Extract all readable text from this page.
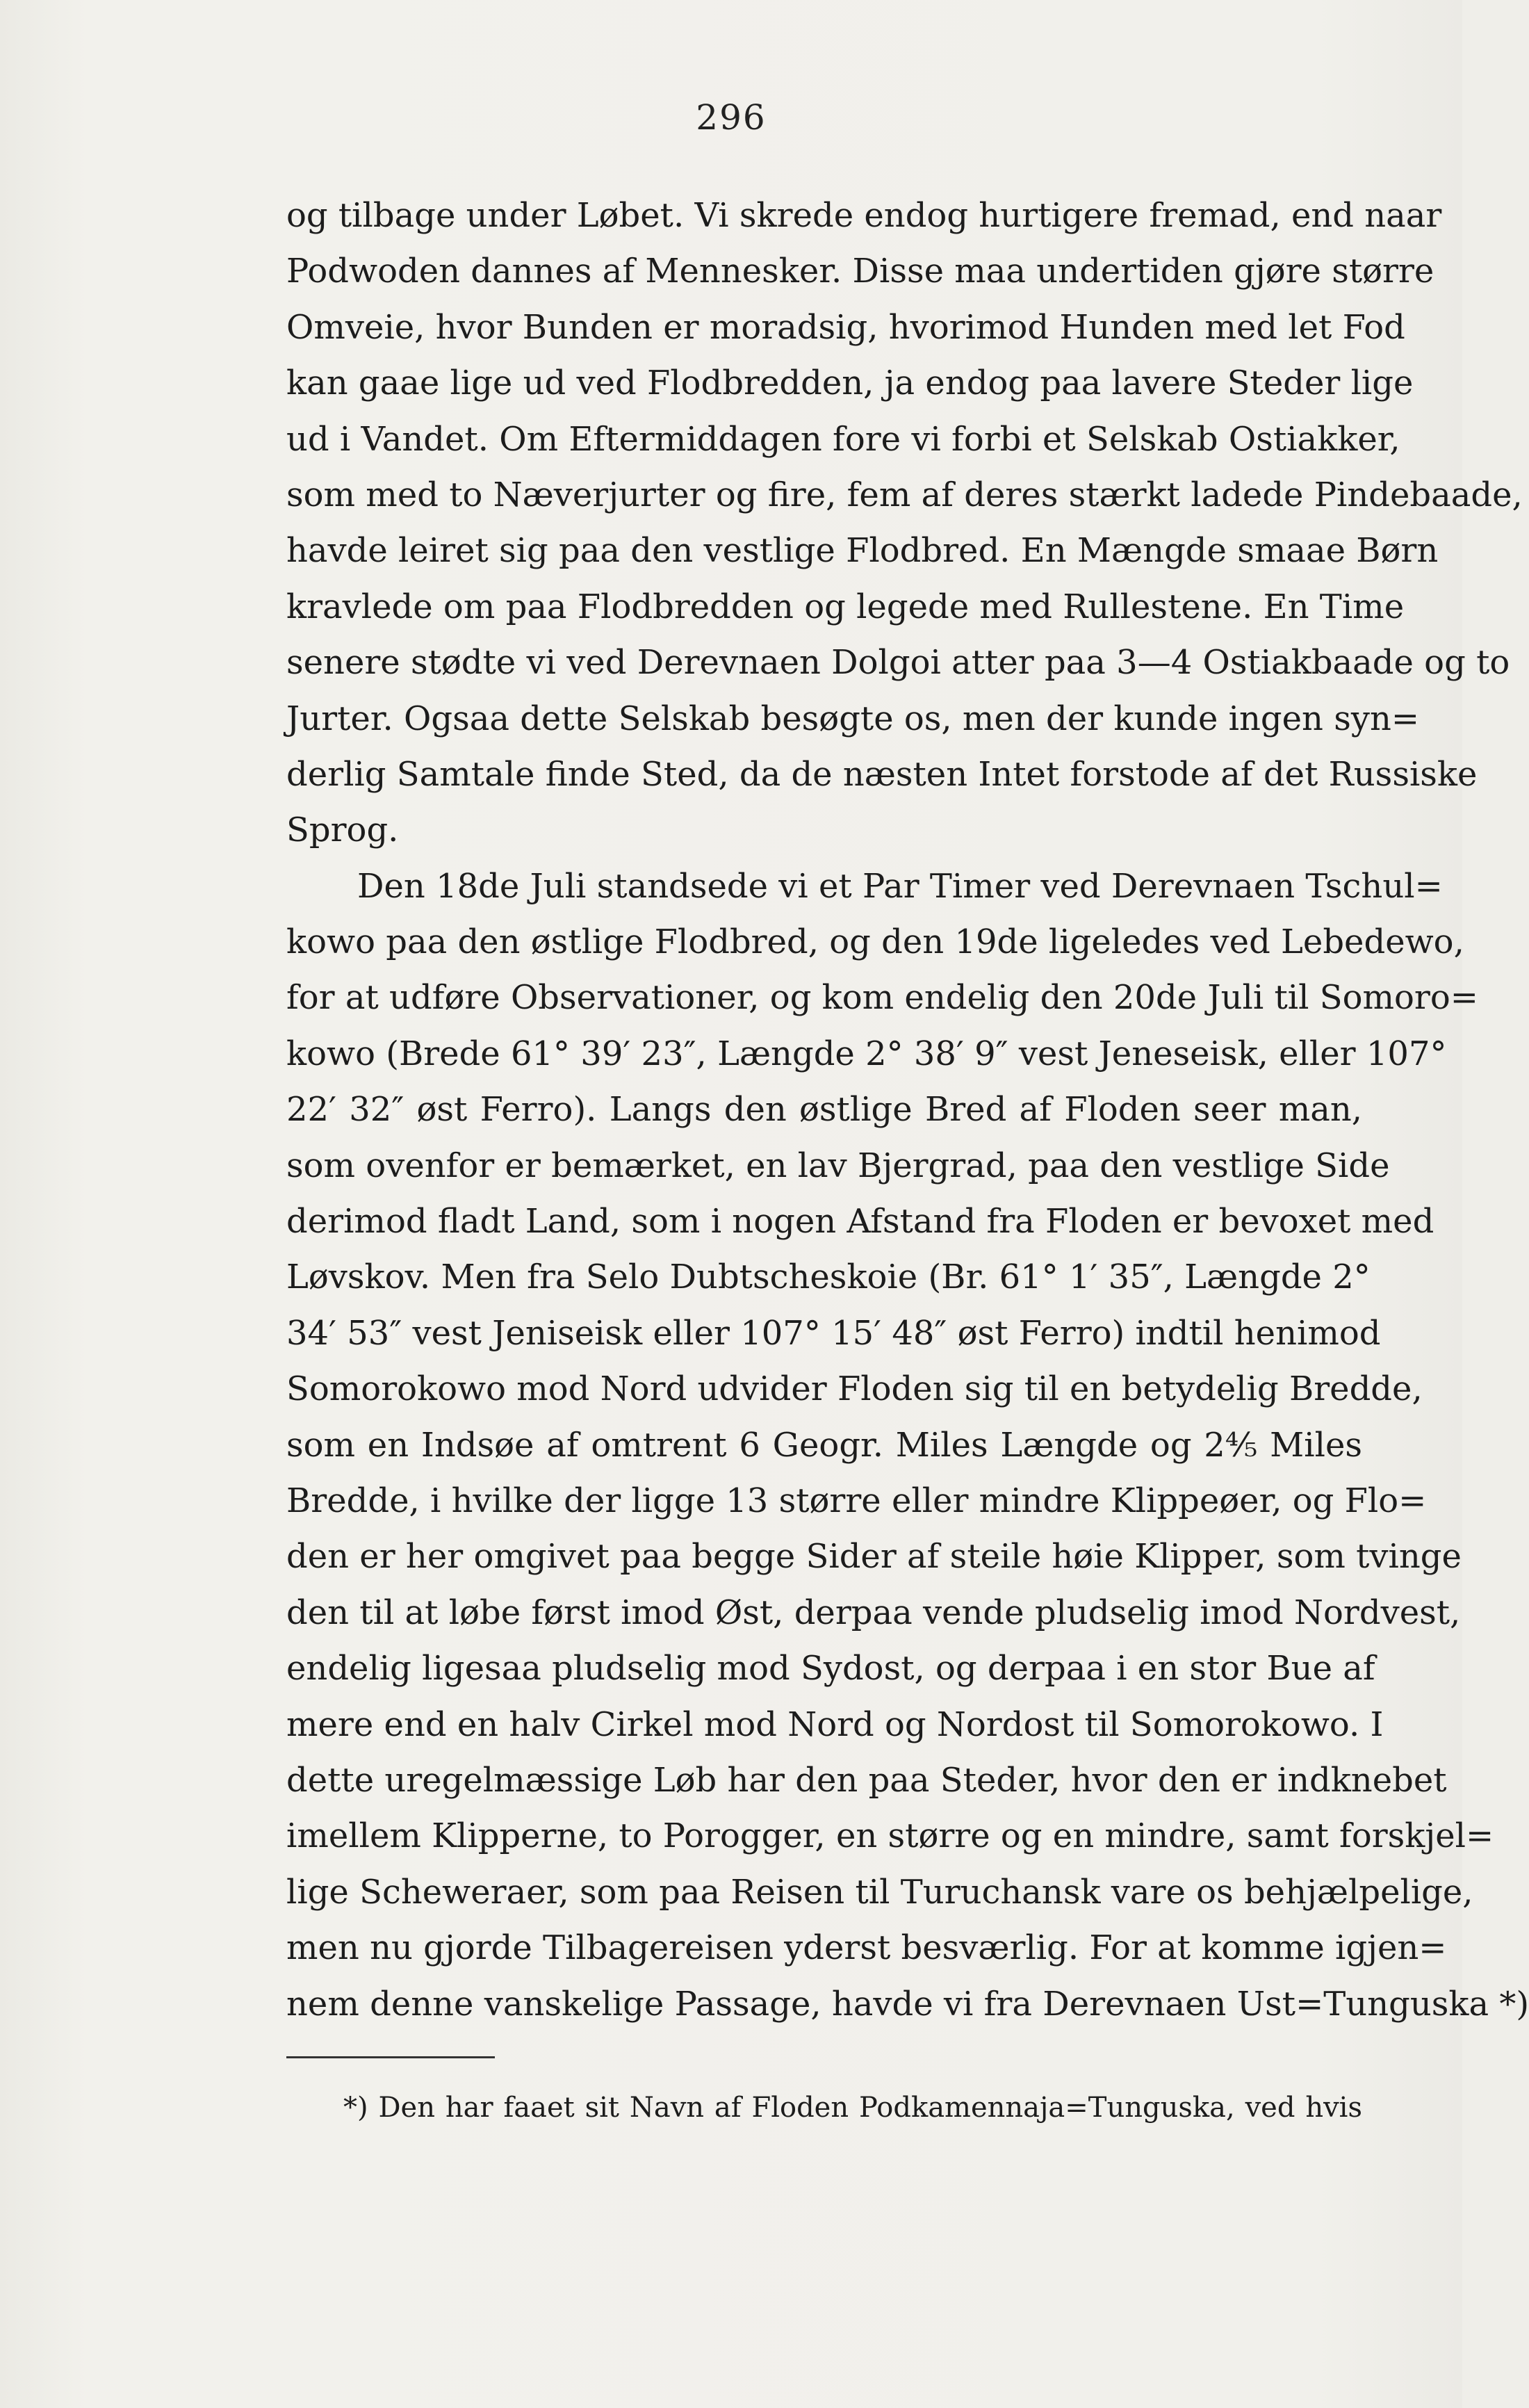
296
og tilbage under Løbet. Vi skrede endog hurtigere fremad, end naar
Podwoden dannes af Mennesker. Disse maa undertiden gjøre større
Omveie, hvor Bunden er moradsig, hvorimod Hunden med let Fod
kan gaae lige ud ved Flodbredden, ja endog paa lavere Steder lige
ud i Vandet. Om Eftermiddagen fore vi forbi et Selskab Ostiakker,
som med to Næverjurter og fire, fem af deres stærkt ladede Pindebaade,
havde leiret sig paa den vestlige Flodbred. En Mængde smaae Børn
kravlede om paa Flodbredden og legede med Rullestene. En Time
senere stødte vi ved Derevnaen Dolgoi atter paa 3—4 Ostiakbaade og to
Jurter. Ogsaa dette Selskab besøgte os, men der kunde ingen syn=
derlig Samtale finde Sted, da de næsten Intet forstode af det Russiske
Sprog.
Den 18de Juli standsede vi et Par Timer ved Derevnaen Tschul=
kowo paa den østlige Flodbred, og den 19de ligeledes ved Lebedewo,
for at udføre Observationer, og kom endelig den 20de Juli til Somoro=
kowo (Brede 61° 39′ 23″, Længde 2° 38′ 9″ vest Jeneseisk, eller 107°
22′ 32″ øst Ferro). Langs den østlige Bred af Floden seer man,
som ovenfor er bemærket, en lav Bjergrad, paa den vestlige Side
derimod fladt Land, som i nogen Afstand fra Floden er bevoxet med
Løvskov. Men fra Selo Dubtscheskoie (Br. 61° 1′ 35″, Længde 2°
34′ 53″ vest Jeniseisk eller 107° 15′ 48″ øst Ferro) indtil henimod
Somorokowo mod Nord udvider Floden sig til en betydelig Bredde,
som en Indsøe af omtrent 6 Geogr. Miles Længde og 2⁴⁄₅ Miles
Bredde, i hvilke der ligge 13 større eller mindre Klippeøer, og Flo=
den er her omgivet paa begge Sider af steile høie Klipper, som tvinge
den til at løbe først imod Øst, derpaa vende pludselig imod Nordvest,
endelig ligesaa pludselig mod Sydost, og derpaa i en stor Bue af
mere end en halv Cirkel mod Nord og Nordost til Somorokowo. I
dette uregelmæssige Løb har den paa Steder, hvor den er indknebet
imellem Klipperne, to Porogger, en større og en mindre, samt forskjel=
lige Scheweraer, som paa Reisen til Turuchansk vare os behjælpelige,
men nu gjorde Tilbagereisen yderst besværlig. For at komme igjen=
nem denne vanskelige Passage, havde vi fra Derevnaen Ust=Tunguska *)
*) Den har faaet sit Navn af Floden Podkamennaja=Tunguska, ved hvis
